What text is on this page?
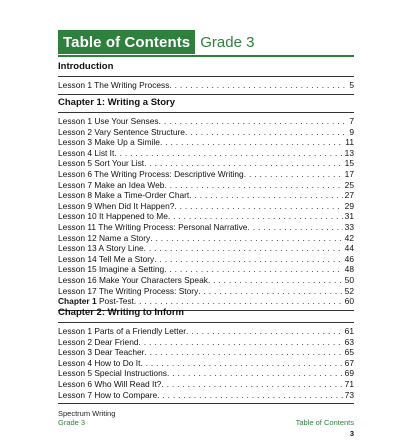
Table of Contents Grade 3
Introduction
Lesson 1 The Writing Process . . .	5
Chapter 1: Writing a Story
Lesson 1 Use Your Senses . . .	7
Lesson 2 Vary Sentence Structure . . .	9
Lesson 3 Make Up a Simile . . .	11
Lesson 4 List It . . .	13
Lesson 5 Sort Your List . . .	15
Lesson 6 The Writing Process: Descriptive Writing . . .	17
Lesson 7 Make an Idea Web . . .	25
Lesson 8 Make a Time-Order Chart . . .	27
Lesson 9 When Did It Happen? . . .	29
Lesson 10 It Happened to Me . . .	31
Lesson 11 The Writing Process: Personal Narrative . . .	33
Lesson 12 Name a Story . . .	42
Lesson 13 A Story Line . . .	44
Lesson 14 Tell Me a Story . . .	46
Lesson 15 Imagine a Setting . . .	48
Lesson 16 Make Your Characters Speak . . .	50
Lesson 17 The Writing Process: Story . . .	52
Chapter 1 Post-Test . . .	60
Chapter 2: Writing to Inform
Lesson 1 Parts of a Friendly Letter . . .	61
Lesson 2 Dear Friend . . .	63
Lesson 3 Dear Teacher . . .	65
Lesson 4 How to Do It . . .	67
Lesson 5 Special Instructions . . .	69
Lesson 6 Who Will Read It? . . .	71
Lesson 7 How to Compare . . .	73
Spectrum Writing
Grade 3	Table of Contents
3
